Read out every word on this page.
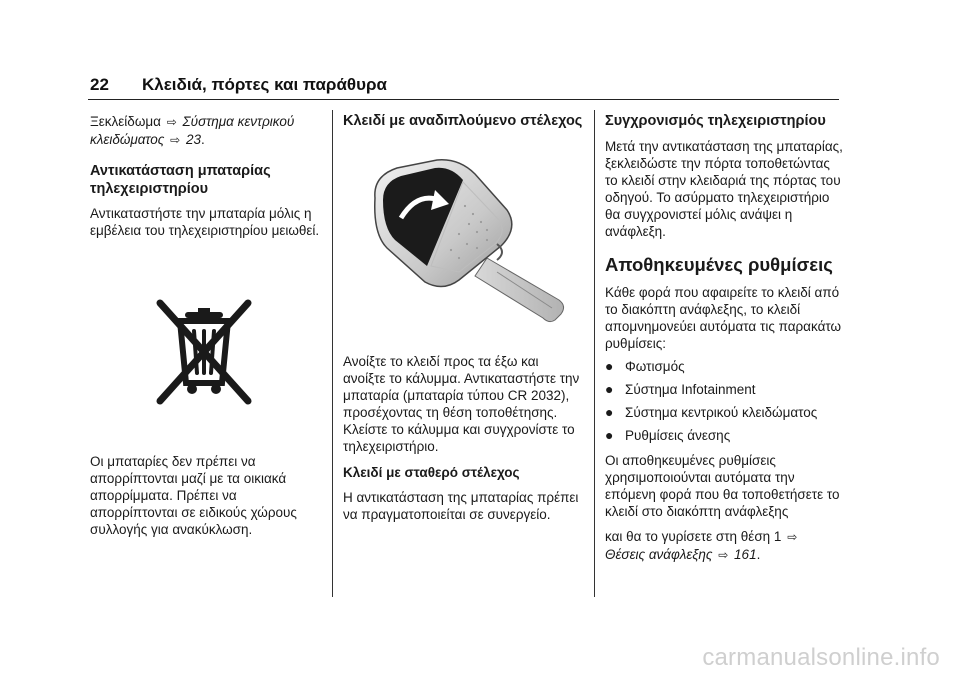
22	Κλειδιά, πόρτες και παράθυρα

Ξεκλείδωμα ⇨ Σύστημα κεντρικού κλειδώματος ⇨ 23.

Αντικατάσταση μπαταρίας τηλεχειριστηρίου

Αντικαταστήστε την μπαταρία μόλις η εμβέλεια του τηλεχειριστηρίου μειωθεί.

Οι μπαταρίες δεν πρέπει να απορρίπτονται μαζί με τα οικιακά απορρίμματα. Πρέπει να απορρίπτονται σε ειδικούς χώρους συλλογής για ανακύκλωση.

Κλειδί με αναδιπλούμενο στέλεχος

Ανοίξτε το κλειδί προς τα έξω και ανοίξτε το κάλυμμα. Αντικαταστήστε την μπαταρία (μπαταρία τύπου CR 2032), προσέχοντας τη θέση τοποθέτησης. Κλείστε το κάλυμμα και συγχρονίστε το τηλεχειριστήριο.

Κλειδί με σταθερό στέλεχος

Η αντικατάσταση της μπαταρίας πρέπει να πραγματοποιείται σε συνεργείο.

Συγχρονισμός τηλεχειριστηρίου

Μετά την αντικατάσταση της μπαταρίας, ξεκλειδώστε την πόρτα τοποθετώντας το κλειδί στην κλειδαριά της πόρτας του οδηγού. Το ασύρματο τηλεχειριστήριο θα συγχρονιστεί μόλις ανάψει η ανάφλεξη.

Αποθηκευμένες ρυθμίσεις

Κάθε φορά που αφαιρείτε το κλειδί από το διακόπτη ανάφλεξης, το κλειδί απομνημονεύει αυτόματα τις παρακάτω ρυθμίσεις:

● Φωτισμός
● Σύστημα Infotainment
● Σύστημα κεντρικού κλειδώματος
● Ρυθμίσεις άνεσης

Οι αποθηκευμένες ρυθμίσεις χρησιμοποιούνται αυτόματα την επόμενη φορά που θα τοποθετήσετε το κλειδί στο διακόπτη ανάφλεξης

και θα το γυρίσετε στη θέση 1 ⇨
Θέσεις ανάφλεξης ⇨ 161.

carmanualsonline.info
